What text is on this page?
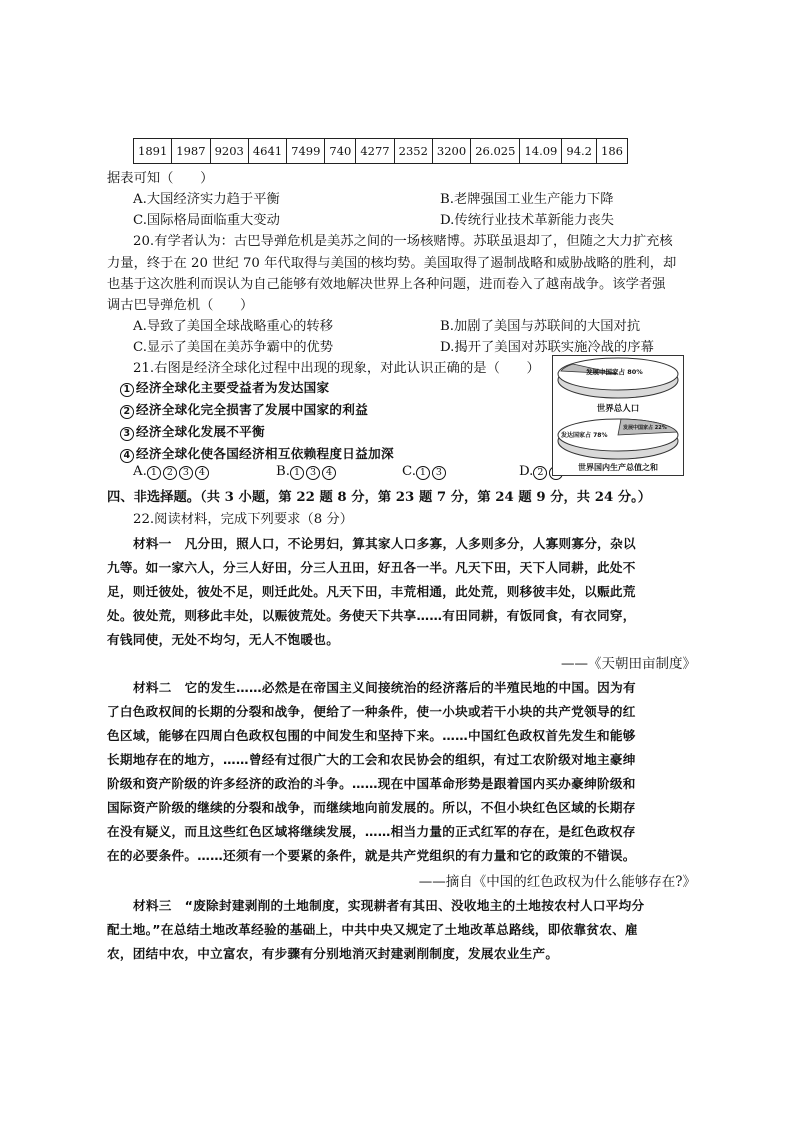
1891	1987	9203	4641	7499	740	4277	2352	3200	26.025	14.09	94.2	186
据表可知（　　）
A.大国经济实力趋于平衡	B.老牌强国工业生产能力下降
C.国际格局面临重大变动	D.传统行业技术革新能力丧失
20.有学者认为：古巴导弹危机是美苏之间的一场核赌博。苏联虽退却了，但随之大力扩充核
力量，终于在 20 世纪 70 年代取得与美国的核均势。美国取得了遏制战略和威胁战略的胜利，却
也基于这次胜利而误认为自己能够有效地解决世界上各种问题，进而卷入了越南战争。该学者强
调古巴导弹危机（　　）
A.导致了美国全球战略重心的转移	B.加剧了美国与苏联间的大国对抗
C.显示了美国在美苏争霸中的优势	D.揭开了美国对苏联实施冷战的序幕
21.右图是经济全球化过程中出现的现象，对此认识正确的是（　　）
1 经济全球化主要受益者为发达国家
2 经济全球化完全损害了发展中国家的利益
3 经济全球化发展不平衡
4 经济全球化使各国经济相互依赖程度日益加深
A. 1 2 3 4	B. 1 3 4	C. 1 3	D. 2
发展中国家占 80%
世界总人口
发达国家占 78%
发展中国家占 22%
世界国内生产总值之和
四、非选择题。（共 3 小题，第 22 题 8 分，第 23 题 7 分，第 24 题 9 分，共 24 分。）
22.阅读材料，完成下列要求（8 分）
材料一　凡分田，照人口，不论男妇，算其家人口多寡，人多则多分，人寡则寡分，杂以
九等。如一家六人，分三人好田，分三人丑田，好丑各一半。凡天下田，天下人同耕，此处不
足，则迁彼处，彼处不足，则迁此处。凡天下田，丰荒相通，此处荒，则移彼丰处，以赈此荒
处。彼处荒，则移此丰处，以赈彼荒处。务使天下共享……有田同耕，有饭同食，有衣同穿，
有钱同使，无处不均匀，无人不饱暖也。
——《天朝田亩制度》
材料二　它的发生……必然是在帝国主义间接统治的经济落后的半殖民地的中国。因为有
了白色政权间的长期的分裂和战争，便给了一种条件，使一小块或若干小块的共产党领导的红
色区域，能够在四周白色政权包围的中间发生和坚持下来。……中国红色政权首先发生和能够
长期地存在的地方，……曾经有过很广大的工会和农民协会的组织，有过工农阶级对地主豪绅
阶级和资产阶级的许多经济的政治的斗争。……现在中国革命形势是跟着国内买办豪绅阶级和
国际资产阶级的继续的分裂和战争，而继续地向前发展的。所以，不但小块红色区域的长期存
在没有疑义，而且这些红色区域将继续发展，……相当力量的正式红军的存在，是红色政权存
在的必要条件。……还须有一个要紧的条件，就是共产党组织的有力量和它的政策的不错误。
——摘自《中国的红色政权为什么能够存在?》
材料三　“废除封建剥削的土地制度，实现耕者有其田、没收地主的土地按农村人口平均分
配土地。”在总结土地改革经验的基础上，中共中央又规定了土地改革总路线，即依靠贫农、雇
农，团结中农，中立富农，有步骤有分别地消灭封建剥削制度，发展农业生产。
